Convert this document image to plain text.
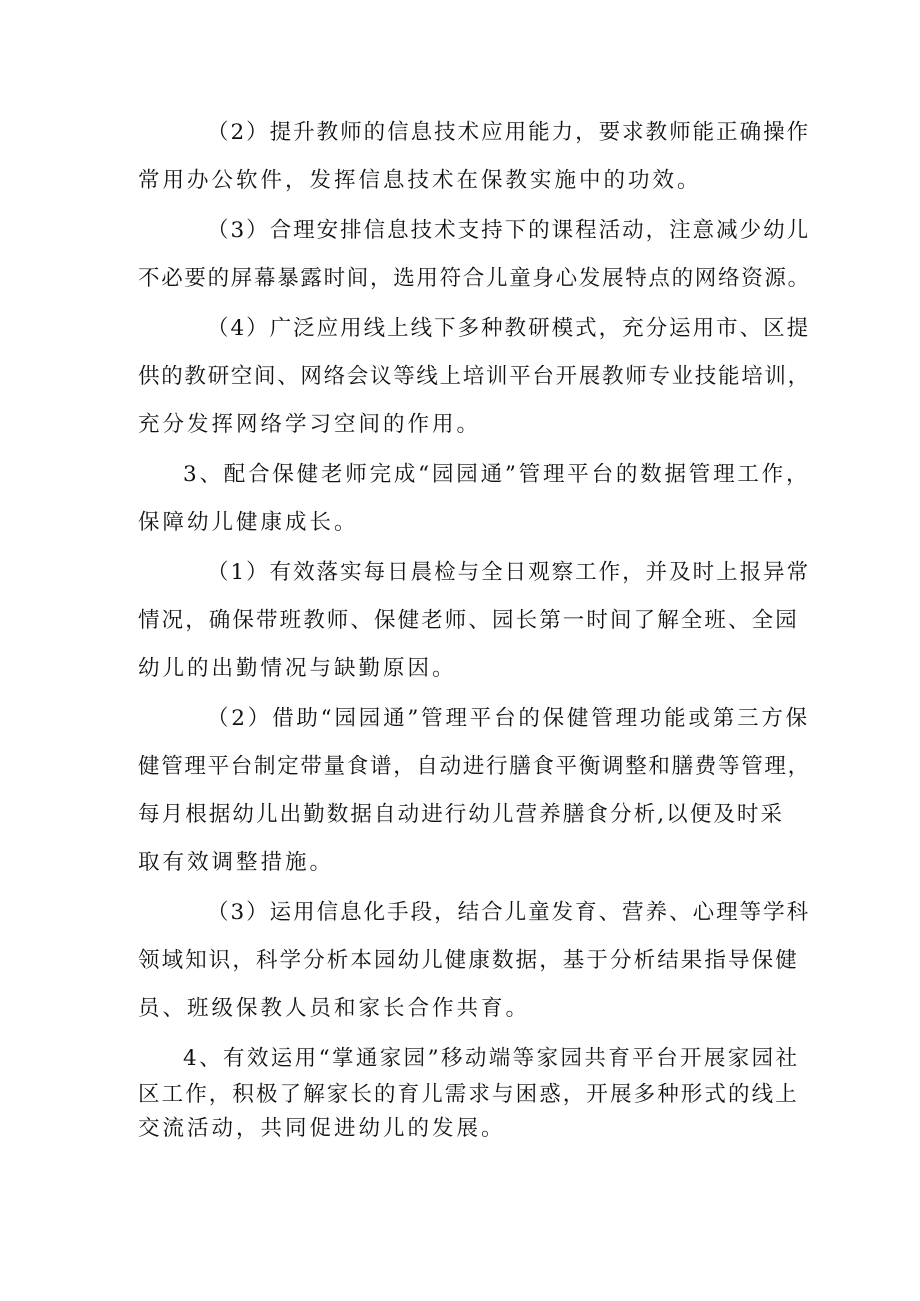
（2）提升教师的信息技术应用能力，要求教师能正确操作
常用办公软件，发挥信息技术在保教实施中的功效。
（3）合理安排信息技术支持下的课程活动，注意减少幼儿
不必要的屏幕暴露时间，选用符合儿童身心发展特点的网络资源。
（4）广泛应用线上线下多种教研模式，充分运用市、区提
供的教研空间、网络会议等线上培训平台开展教师专业技能培训，
充分发挥网络学习空间的作用。
3、配合保健老师完成“园园通”管理平台的数据管理工作，
保障幼儿健康成长。
（1）有效落实每日晨检与全日观察工作，并及时上报异常
情况，确保带班教师、保健老师、园长第一时间了解全班、全园
幼儿的出勤情况与缺勤原因。
（2）借助“园园通”管理平台的保健管理功能或第三方保
健管理平台制定带量食谱，自动进行膳食平衡调整和膳费等管理，
每月根据幼儿出勤数据自动进行幼儿营养膳食分析,以便及时采
取有效调整措施。
（3）运用信息化手段，结合儿童发育、营养、心理等学科
领域知识，科学分析本园幼儿健康数据，基于分析结果指导保健
员、班级保教人员和家长合作共育。
4、有效运用“掌通家园”移动端等家园共育平台开展家园社
区工作，积极了解家长的育儿需求与困惑，开展多种形式的线上
交流活动，共同促进幼儿的发展。
